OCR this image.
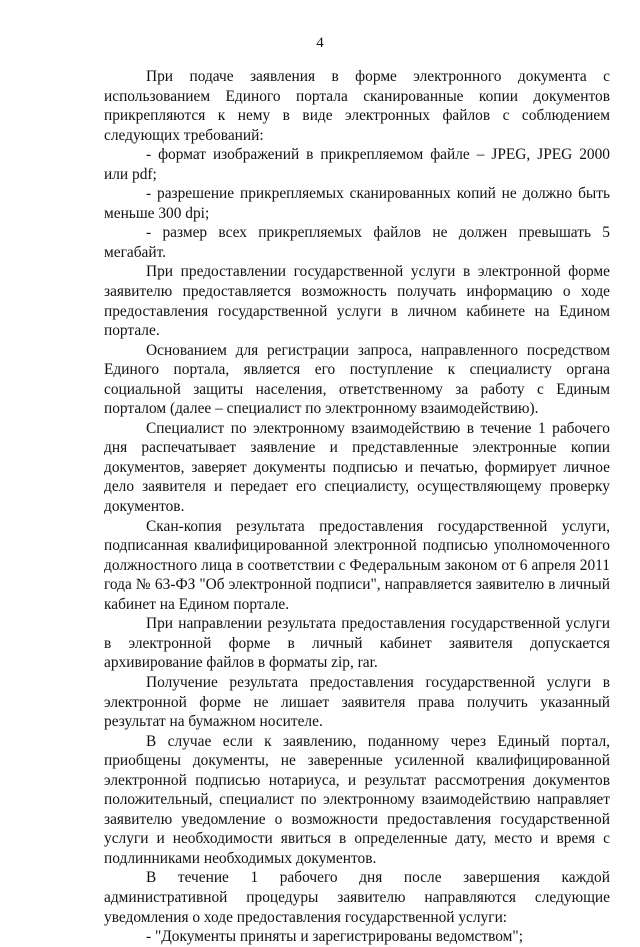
4

При подаче заявления в форме электронного документа с использованием Единого портала сканированные копии документов прикрепляются к нему в виде электронных файлов с соблюдением следующих требований:

- формат изображений в прикрепляемом файле – JPEG, JPEG 2000 или pdf;

- разрешение прикрепляемых сканированных копий не должно быть меньше 300 dpi;

- размер всех прикрепляемых файлов не должен превышать 5 мегабайт.

При предоставлении государственной услуги в электронной форме заявителю предоставляется возможность получать информацию о ходе предоставления государственной услуги в личном кабинете на Едином портале.

Основанием для регистрации запроса, направленного посредством Единого портала, является его поступление к специалисту органа социальной защиты населения, ответственному за работу с Единым порталом (далее – специалист по электронному взаимодействию).

Специалист по электронному взаимодействию в течение 1 рабочего дня распечатывает заявление и представленные электронные копии документов, заверяет документы подписью и печатью, формирует личное дело заявителя и передает его специалисту, осуществляющему проверку документов.

Скан-копия результата предоставления государственной услуги, подписанная квалифицированной электронной подписью уполномоченного должностного лица в соответствии с Федеральным законом от 6 апреля 2011 года № 63-ФЗ "Об электронной подписи", направляется заявителю в личный кабинет на Едином портале.

При направлении результата предоставления государственной услуги в электронной форме в личный кабинет заявителя допускается архивирование файлов в форматы zip, rar.

Получение результата предоставления государственной услуги в электронной форме не лишает заявителя права получить указанный результат на бумажном носителе.

В случае если к заявлению, поданному через Единый портал, приобщены документы, не заверенные усиленной квалифицированной электронной подписью нотариуса, и результат рассмотрения документов положительный, специалист по электронному взаимодействию направляет заявителю уведомление о возможности предоставления государственной услуги и необходимости явиться в определенные дату, место и время с подлинниками необходимых документов.

В течение 1 рабочего дня после завершения каждой административной процедуры заявителю направляются следующие уведомления о ходе предоставления государственной услуги:

- "Документы приняты и зарегистрированы ведомством";
